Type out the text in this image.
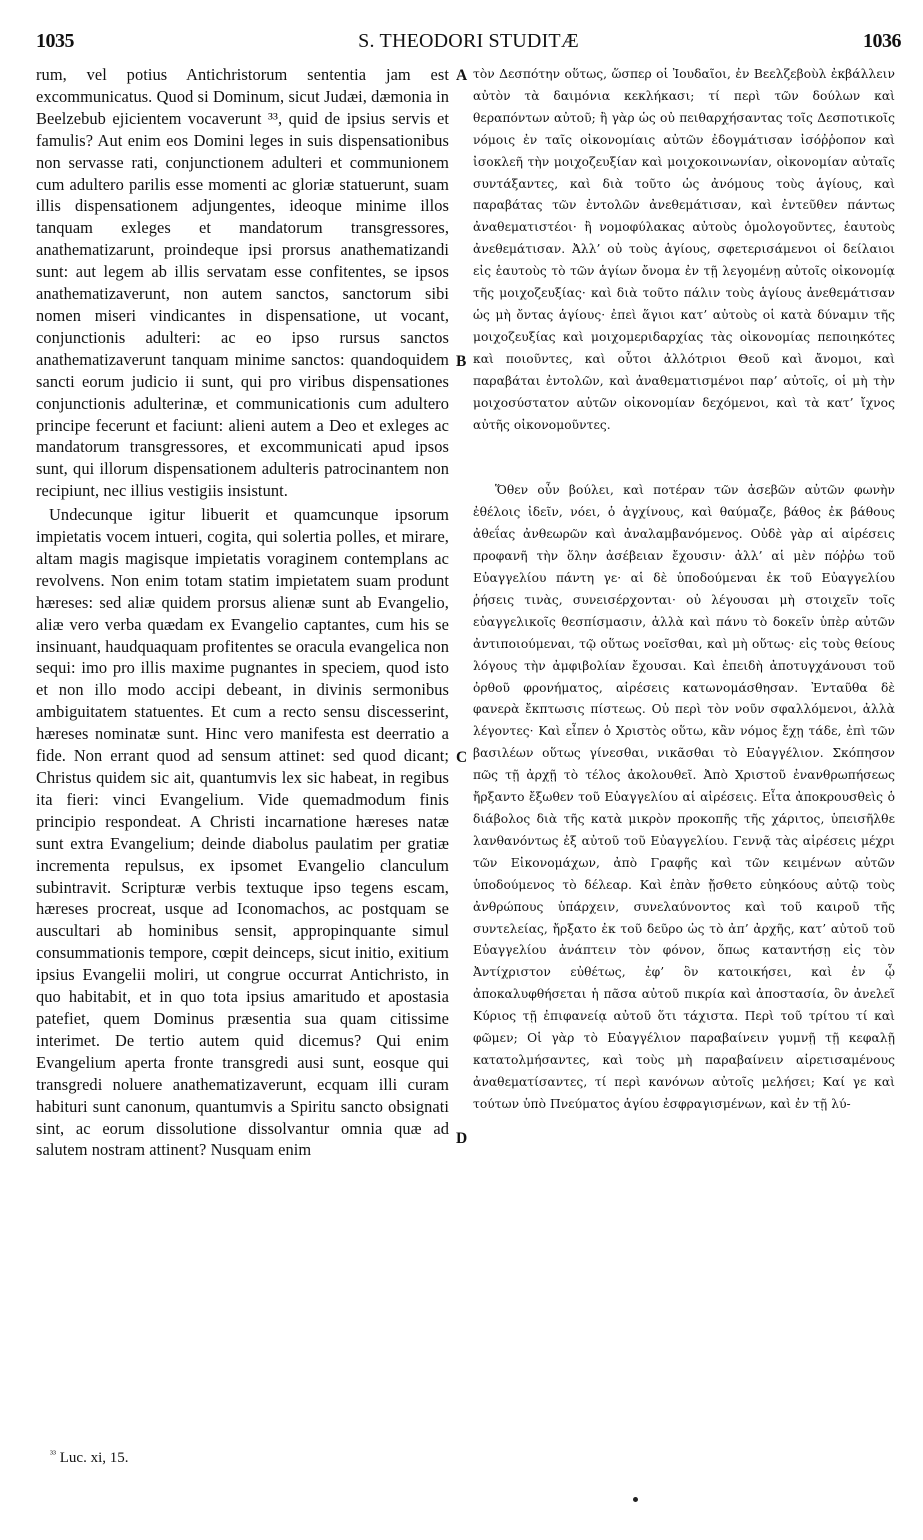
1035	S. THEODORI STUDITÆ	1036

rum, vel potius Antichristorum sententia jam est excommunicatus. Quod si Dominum, sicut Judæi, dæmonia in Beelzebub ejicientem vocaverunt ³³, quid de ipsius servis et famulis? Aut enim eos Domini leges in suis dispensationibus non servasse rati, conjunctionem adulteri et communionem cum adultero parilis esse momenti ac gloriæ statuerunt, suam illis dispensationem adjungentes, ideoque minime illos tanquam exleges et mandatorum transgressores, anathematizarunt, proindeque ipsi prorsus anathematizandi sunt: aut legem ab illis servatam esse confitentes, se ipsos anathematizaverunt, non autem sanctos, sanctorum sibi nomen miseri vindicantes in dispensatione, ut vocant, conjunctionis adulteri: ac eo ipso rursus sanctos anathematizaverunt tanquam minime sanctos: quandoquidem sancti eorum judicio ii sunt, qui pro viribus dispensationes conjunctionis adulterinæ, et communicationis cum adultero principe fecerunt et faciunt: alieni autem a Deo et exleges ac mandatorum transgressores, et excommunicati apud ipsos sunt, qui illorum dispensationem adulteris patrocinantem non recipiunt, nec illius vestigiis insistunt.

Undecunque igitur libuerit et quamcunque ipsorum impietatis vocem intueri, cogita, qui solertia polles, et mirare, altam magis magisque impietatis voraginem contemplans ac revolvens. Non enim totam statim impietatem suam produnt hæreses: sed aliæ quidem prorsus alienæ sunt ab Evangelio, aliæ vero verba quædam ex Evangelio captantes, cum his se insinuant, haudquaquam profitentes se oracula evangelica non sequi: imo pro illis maxime pugnantes in speciem, quod isto et non illo modo accipi debeant, in divinis sermonibus ambiguitatem statuentes. Et cum a recto sensu discesserint, hæreses nominatæ sunt. Hinc vero manifesta est deerratio a fide. Non errant quod ad sensum attinet: sed quod dicant; Christus quidem sic ait, quantumvis lex sic habeat, in regibus ita fieri: vinci Evangelium. Vide quemadmodum finis principio respondeat. A Christi incarnatione hæreses natæ sunt extra Evangelium; deinde diabolus paulatim per gratiæ incrementa repulsus, ex ipsomet Evangelio clanculum subintravit. Scripturæ verbis textuque ipso tegens escam, hæreses procreat, usque ad Iconomachos, ac postquam se auscultari ab hominibus sensit, appropinquante simul consummationis tempore, cœpit deinceps, sicut initio, exitium ipsius Evangelii moliri, ut congrue occurrat Antichristo, in quo habitabit, et in quo tota ipsius amaritudo et apostasia patefiet, quem Dominus præsentia sua quam citissime interimet. De tertio autem quid dicemus? Qui enim Evangelium aperta fronte transgredi ausi sunt, eosque qui transgredi noluere anathematizaverunt, ecquam illi curam habituri sunt canonum, quantumvis a Spiritu sancto obsignati sint, ac eorum dissolutione dissolvantur omnia quæ ad salutem nostram attinent? Nusquam enim

A
B
C
D

τὸν Δεσπότην οὕτως, ὥσπερ οἱ Ἰουδαῖοι, ἐν Βεελζεβοὺλ ἐκβάλλειν αὐτὸν τὰ δαιμόνια κεκλήκασι; τί περὶ τῶν δούλων καὶ θεραπόντων αὐτοῦ; ἢ γὰρ ὡς οὐ πειθαρχήσαντας τοῖς Δεσποτικοῖς νόμοις ἐν ταῖς οἰκονομίαις αὐτῶν ἐδογμάτισαν ἰσόῤῥοπον καὶ ἰσοκλεῆ τὴν μοιχοζευξίαν καὶ μοιχοκοινωνίαν, οἰκονομίαν αὐταῖς συντάξαντες, καὶ διὰ τοῦτο ὡς ἀνόμους τοὺς ἁγίους, καὶ παραβάτας τῶν ἐντολῶν ἀνεθεμάτισαν, καὶ ἐντεῦθεν πάντως ἀναθεματιστέοι· ἢ νομοφύλακας αὐτοὺς ὁμολογοῦντες, ἑαυτοὺς ἀνεθεμάτισαν. Ἀλλ’ οὐ τοὺς ἁγίους, σφετερισάμενοι οἱ δείλαιοι εἰς ἑαυτοὺς τὸ τῶν ἁγίων ὄνομα ἐν τῇ λεγομένῃ αὐτοῖς οἰκονομίᾳ τῆς μοιχοζευξίας· καὶ διὰ τοῦτο πάλιν τοὺς ἁγίους ἀνεθεμάτισαν ὡς μὴ ὄντας ἁγίους· ἐπεὶ ἅγιοι κατ’ αὐτοὺς οἱ κατὰ δύναμιν τῆς μοιχοζευξίας καὶ μοιχομεριδαρχίας τὰς οἰκονομίας πεποιηκότες καὶ ποιοῦντες, καὶ οὗτοι ἀλλότριοι Θεοῦ καὶ ἄνομοι, καὶ παραβάται ἐντολῶν, καὶ ἀναθεματισμένοι παρ’ αὐτοῖς, οἱ μὴ τὴν μοιχοσύστατον αὐτῶν οἰκονομίαν δεχόμενοι, καὶ τὰ κατ’ ἴχνος αὐτῆς οἰκονομοῦντες.

Ὅθεν οὖν βούλει, καὶ ποτέραν τῶν ἀσεβῶν αὐτῶν φωνὴν ἐθέλοις ἰδεῖν, νόει, ὁ ἀγχίνους, καὶ θαύμαζε, βάθος ἐκ βάθους ἀθεΐας ἀνθεωρῶν καὶ ἀναλαμβανόμενος. Οὐδὲ γὰρ αἱ αἱρέσεις προφανῆ τὴν ὅλην ἀσέβειαν ἔχουσιν· ἀλλ’ αἱ μὲν πόῤῥω τοῦ Εὐαγγελίου πάντη γε· αἱ δὲ ὑποδούμεναι ἐκ τοῦ Εὐαγγελίου ῥήσεις τινὰς, συνεισέρχονται· οὐ λέγουσαι μὴ στοιχεῖν τοῖς εὐαγγελικοῖς θεσπίσμασιν, ἀλλὰ καὶ πάνυ τὸ δοκεῖν ὑπὲρ αὐτῶν ἀντιποιούμεναι, τῷ οὕτως νοεῖσθαι, καὶ μὴ οὕτως· εἰς τοὺς θείους λόγους τὴν ἀμφιβολίαν ἔχουσαι. Καὶ ἐπειδὴ ἀποτυγχάνουσι τοῦ ὀρθοῦ φρονήματος, αἱρέσεις κατωνομάσθησαν. Ἐνταῦθα δὲ φανερὰ ἔκπτωσις πίστεως. Οὐ περὶ τὸν νοῦν σφαλλόμενοι, ἀλλὰ λέγοντες· Καὶ εἶπεν ὁ Χριστὸς οὕτω, κἂν νόμος ἔχῃ τάδε, ἐπὶ τῶν βασιλέων οὕτως γίνεσθαι, νικᾶσθαι τὸ Εὐαγγέλιον. Σκόπησον πῶς τῇ ἀρχῇ τὸ τέλος ἀκολουθεῖ. Ἀπὸ Χριστοῦ ἐνανθρωπήσεως ἤρξαντο ἔξωθεν τοῦ Εὐαγγελίου αἱ αἱρέσεις. Εἶτα ἀποκρουσθεὶς ὁ διάβολος διὰ τῆς κατὰ μικρὸν προκοπῆς τῆς χάριτος, ὑπεισῆλθε λανθανόντως ἐξ αὐτοῦ τοῦ Εὐαγγελίου. Γεννᾷ τὰς αἱρέσεις μέχρι τῶν Εἰκονομάχων, ἀπὸ Γραφῆς καὶ τῶν κειμένων αὐτῶν ὑποδούμενος τὸ δέλεαρ. Καὶ ἐπὰν ᾔσθετο εὐηκόους αὐτῷ τοὺς ἀνθρώπους ὑπάρχειν, συνελαύνοντος καὶ τοῦ καιροῦ τῆς συντελείας, ἤρξατο ἐκ τοῦ δεῦρο ὡς τὸ ἀπ’ ἀρχῆς, κατ’ αὐτοῦ τοῦ Εὐαγγελίου ἀνάπτειν τὸν φόνον, ὅπως καταντήσῃ εἰς τὸν Ἀντίχριστον εὐθέτως, ἐφ’ ὃν κατοικήσει, καὶ ἐν ᾧ ἀποκαλυφθήσεται ἡ πᾶσα αὐτοῦ πικρία καὶ ἀποστασία, ὃν ἀνελεῖ Κύριος τῇ ἐπιφανείᾳ αὐτοῦ ὅτι τάχιστα. Περὶ τοῦ τρίτου τί καὶ φῶμεν; Οἱ γὰρ τὸ Εὐαγγέλιον παραβαίνειν γυμνῇ τῇ κεφαλῇ κατατολμήσαντες, καὶ τοὺς μὴ παραβαίνειν αἱρετισαμένους ἀναθεματίσαντες, τί περὶ κανόνων αὐτοῖς μελήσει; Καί γε καὶ τούτων ὑπὸ Πνεύματος ἁγίου ἐσφραγισμένων, καὶ ἐν τῇ λύ-

$^{^{33}}$ Luc. xi, 15.
